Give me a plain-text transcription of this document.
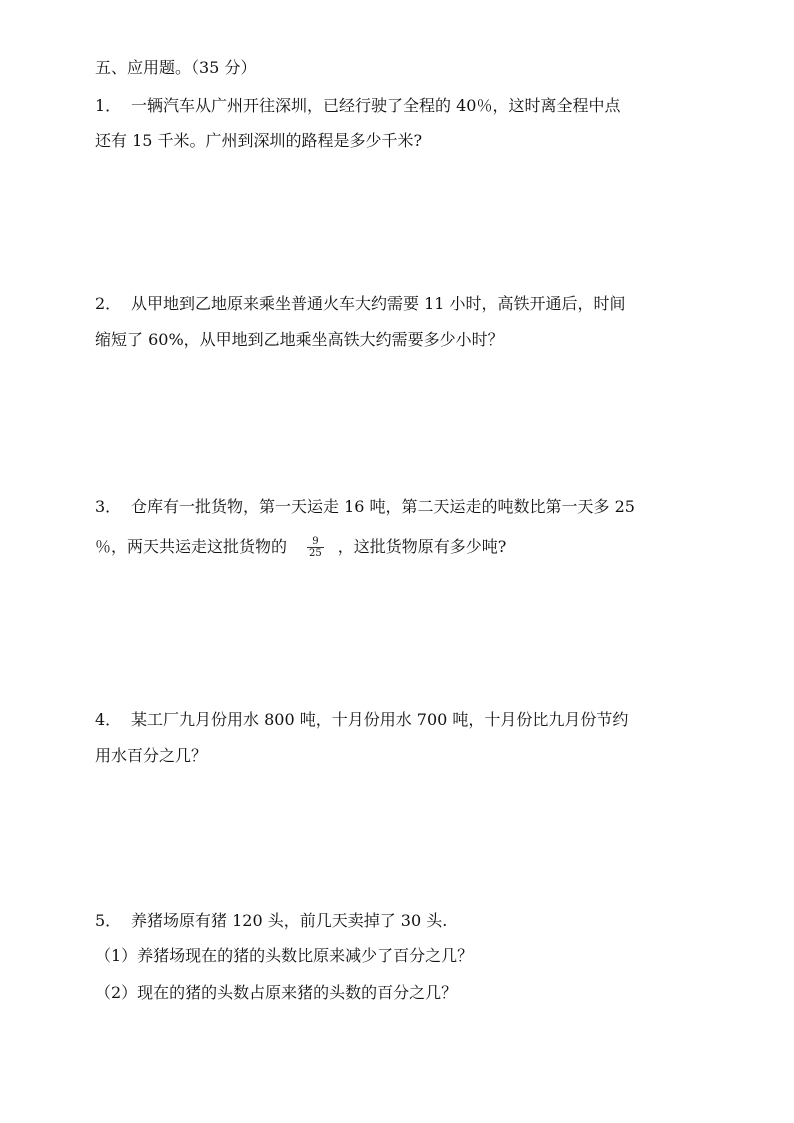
五、应用题。（35 分）
1． 一辆汽车从广州开往深圳，已经行驶了全程的 40％，这时离全程中点
还有 15 千米。广州到深圳的路程是多少千米?
2． 从甲地到乙地原来乘坐普通火车大约需要 11 小时，高铁开通后，时间
缩短了 60%，从甲地到乙地乘坐高铁大约需要多少小时？
3． 仓库有一批货物，第一天运走 16 吨，第二天运走的吨数比第一天多 25
％，两天共运走这批货物的 $\frac{9}{25}$ ，这批货物原有多少吨?
4． 某工厂九月份用水 800 吨，十月份用水 700 吨，十月份比九月份节约
用水百分之几？
5． 养猪场原有猪 120 头，前几天卖掉了 30 头.
（1）养猪场现在的猪的头数比原来减少了百分之几？
（2）现在的猪的头数占原来猪的头数的百分之几？
